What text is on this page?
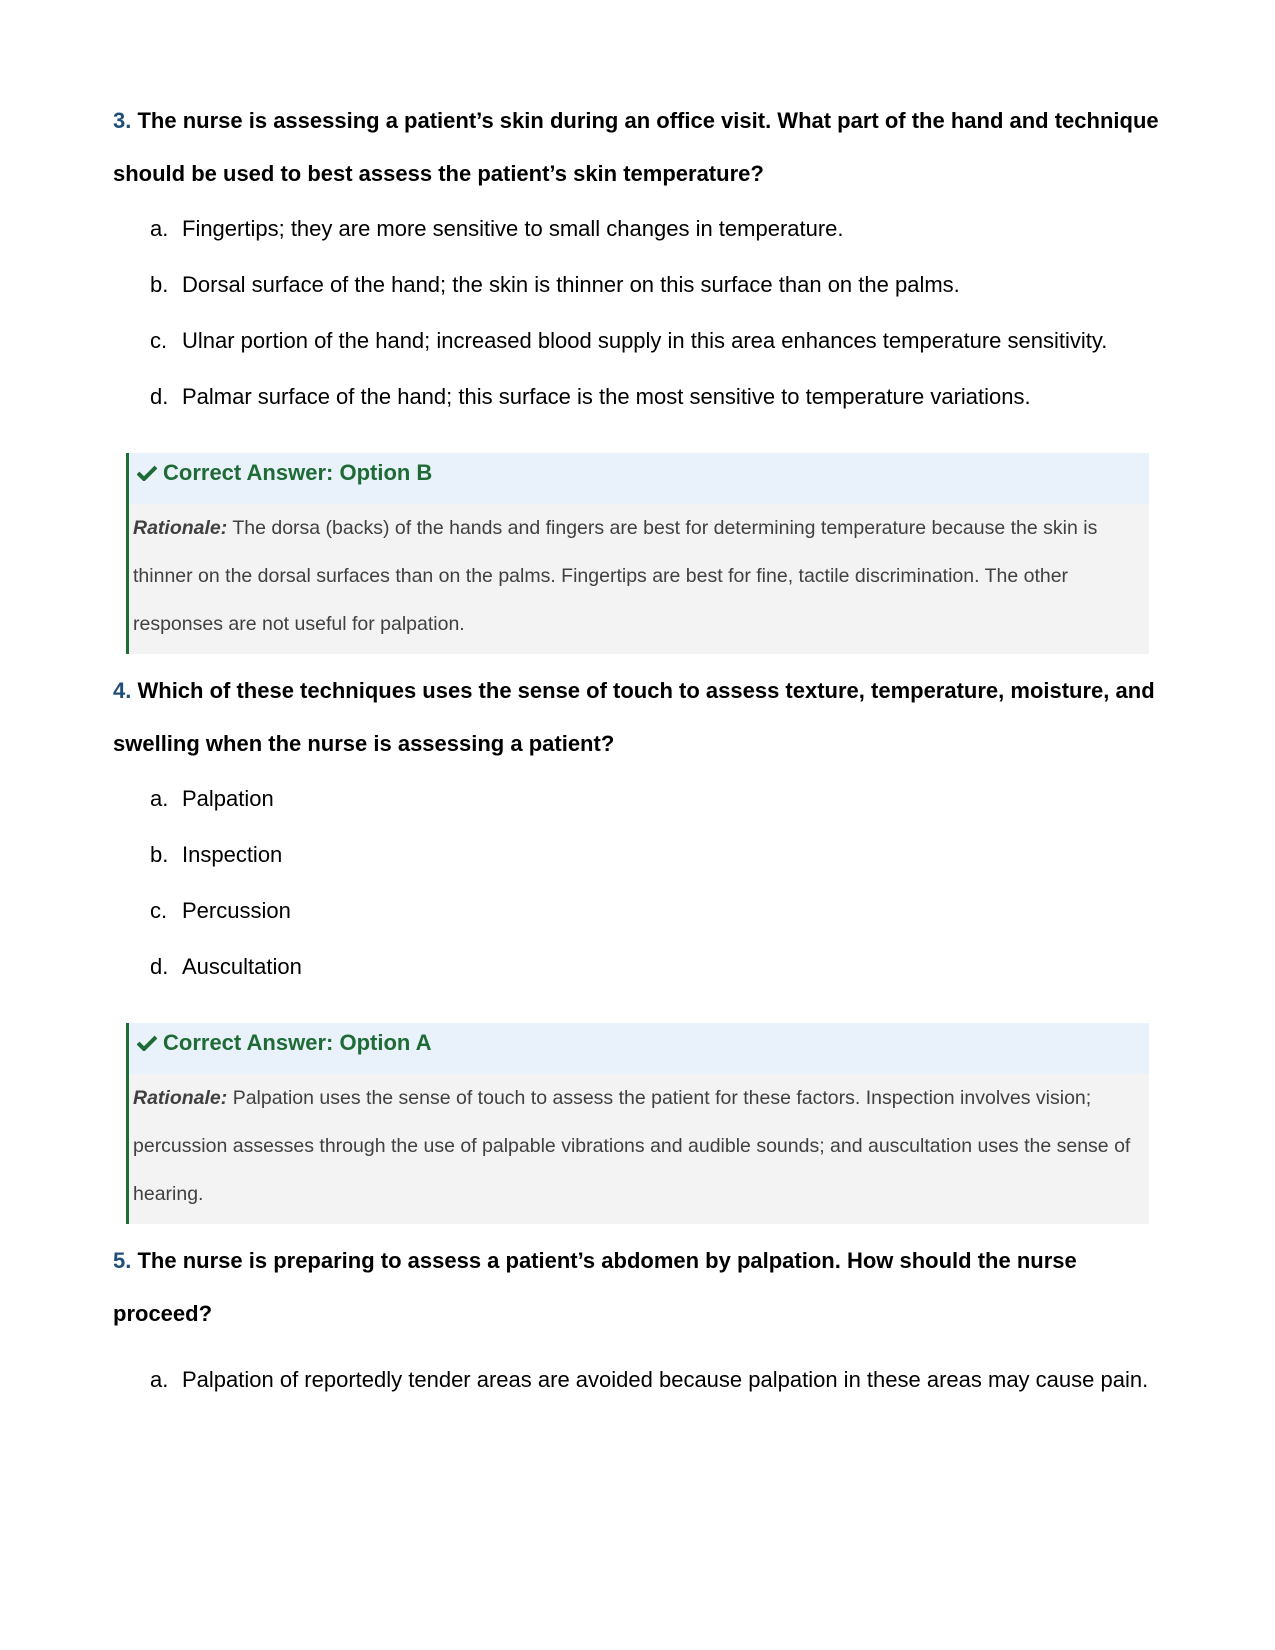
3. The nurse is assessing a patient’s skin during an office visit. What part of the hand and technique should be used to best assess the patient’s skin temperature?

a. Fingertips; they are more sensitive to small changes in temperature.
b. Dorsal surface of the hand; the skin is thinner on this surface than on the palms.
c. Ulnar portion of the hand; increased blood supply in this area enhances temperature sensitivity.
d. Palmar surface of the hand; this surface is the most sensitive to temperature variations.
Correct Answer: Option B
Rationale: The dorsa (backs) of the hands and fingers are best for determining temperature because the skin is thinner on the dorsal surfaces than on the palms. Fingertips are best for fine, tactile discrimination. The other responses are not useful for palpation.

4. Which of these techniques uses the sense of touch to assess texture, temperature, moisture, and swelling when the nurse is assessing a patient?

a. Palpation
b. Inspection
c. Percussion
d. Auscultation
Correct Answer: Option A
Rationale: Palpation uses the sense of touch to assess the patient for these factors. Inspection involves vision; percussion assesses through the use of palpable vibrations and audible sounds; and auscultation uses the sense of hearing.

5. The nurse is preparing to assess a patient’s abdomen by palpation. How should the nurse proceed?

a. Palpation of reportedly tender areas are avoided because palpation in these areas may cause pain.
